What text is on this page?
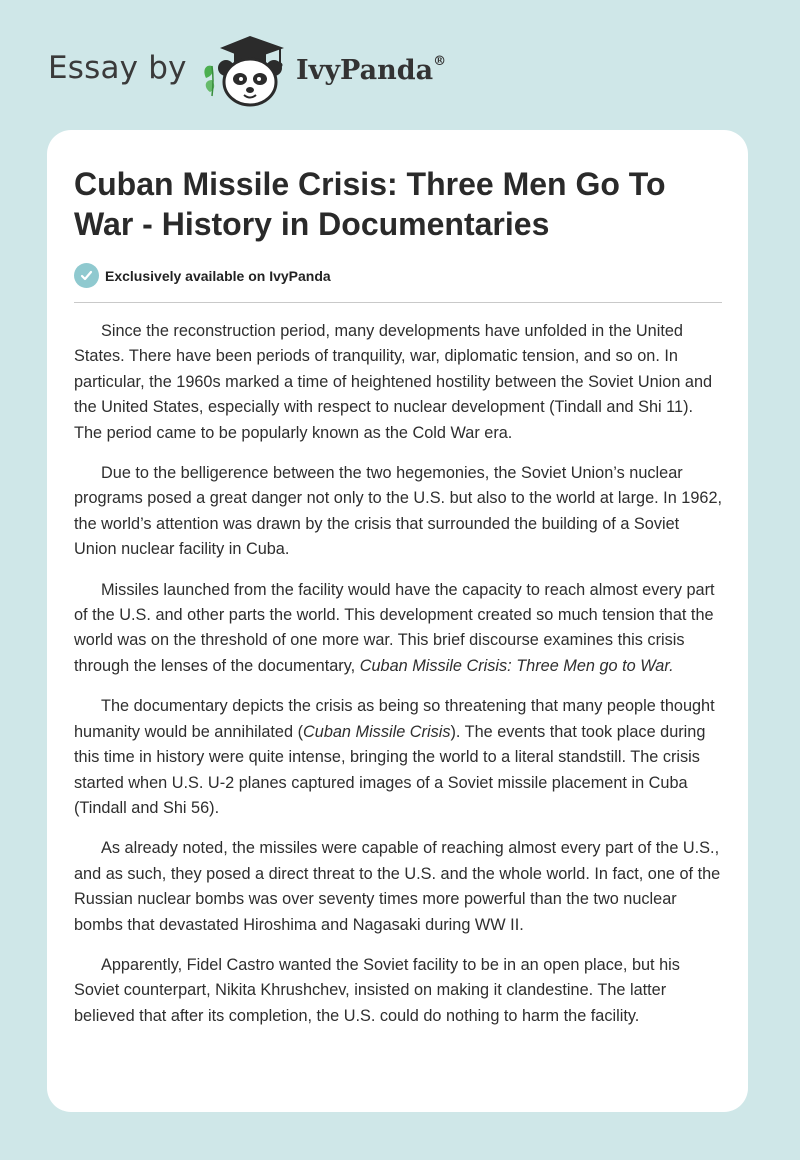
Essay by	IvyPanda®
Cuban Missile Crisis: Three Men Go To War - History in Documentaries
Exclusively available on IvyPanda

Since the reconstruction period, many developments have unfolded in the United States. There have been periods of tranquility, war, diplomatic tension, and so on. In particular, the 1960s marked a time of heightened hostility between the Soviet Union and the United States, especially with respect to nuclear development (Tindall and Shi 11). The period came to be popularly known as the Cold War era.

Due to the belligerence between the two hegemonies, the Soviet Union’s nuclear programs posed a great danger not only to the U.S. but also to the world at large. In 1962, the world’s attention was drawn by the crisis that surrounded the building of a Soviet Union nuclear facility in Cuba.

Missiles launched from the facility would have the capacity to reach almost every part of the U.S. and other parts the world. This development created so much tension that the world was on the threshold of one more war. This brief discourse examines this crisis through the lenses of the documentary, Cuban Missile Crisis: Three Men go to War.

The documentary depicts the crisis as being so threatening that many people thought humanity would be annihilated (Cuban Missile Crisis). The events that took place during this time in history were quite intense, bringing the world to a literal standstill. The crisis started when U.S. U-2 planes captured images of a Soviet missile placement in Cuba (Tindall and Shi 56).

As already noted, the missiles were capable of reaching almost every part of the U.S., and as such, they posed a direct threat to the U.S. and the whole world. In fact, one of the Russian nuclear bombs was over seventy times more powerful than the two nuclear bombs that devastated Hiroshima and Nagasaki during WW II.

Apparently, Fidel Castro wanted the Soviet facility to be in an open place, but his Soviet counterpart, Nikita Khrushchev, insisted on making it clandestine. The latter believed that after its completion, the U.S. could do nothing to harm the facility.
